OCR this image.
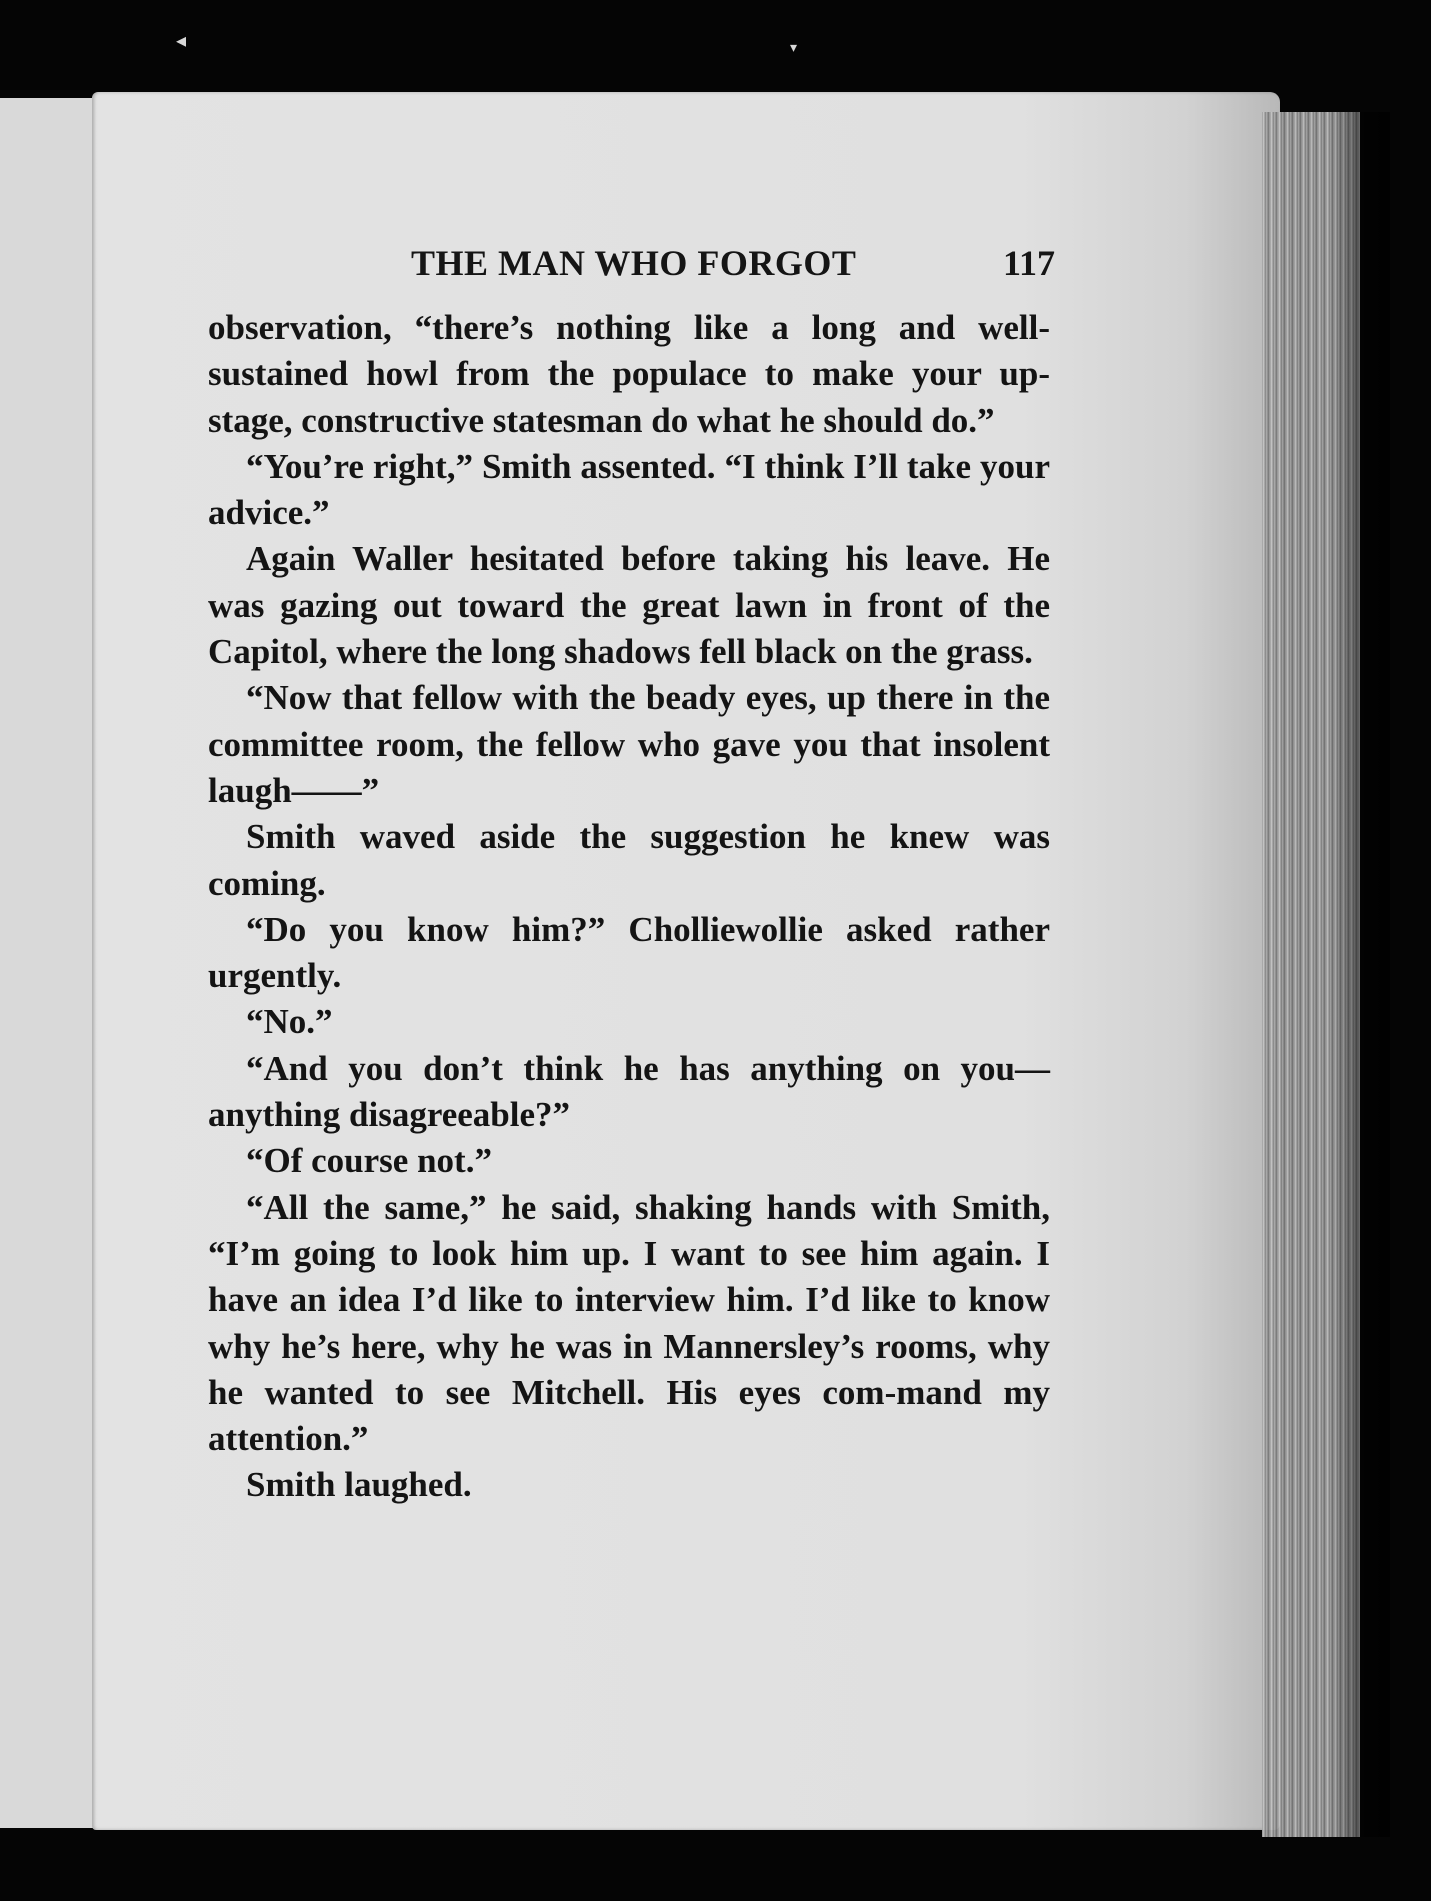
◂	▾
THE MAN WHO FORGOT	117

observation, “there’s nothing like a long and well-sustained howl from the populace to make your up-stage, constructive statesman do what he should do.”

“You’re right,” Smith assented. “I think I’ll take your advice.”

Again Waller hesitated before taking his leave. He was gazing out toward the great lawn in front of the Capitol, where the long shadows fell black on the grass.

“Now that fellow with the beady eyes, up there in the committee room, the fellow who gave you that insolent laugh——”

Smith waved aside the suggestion he knew was coming.

“Do you know him?” Cholliewollie asked rather urgently.

“No.”

“And you don’t think he has anything on you—anything disagreeable?”

“Of course not.”

“All the same,” he said, shaking hands with Smith, “I’m going to look him up. I want to see him again. I have an idea I’d like to interview him. I’d like to know why he’s here, why he was in Mannersley’s rooms, why he wanted to see Mitchell. His eyes com-mand my attention.”

Smith laughed.
